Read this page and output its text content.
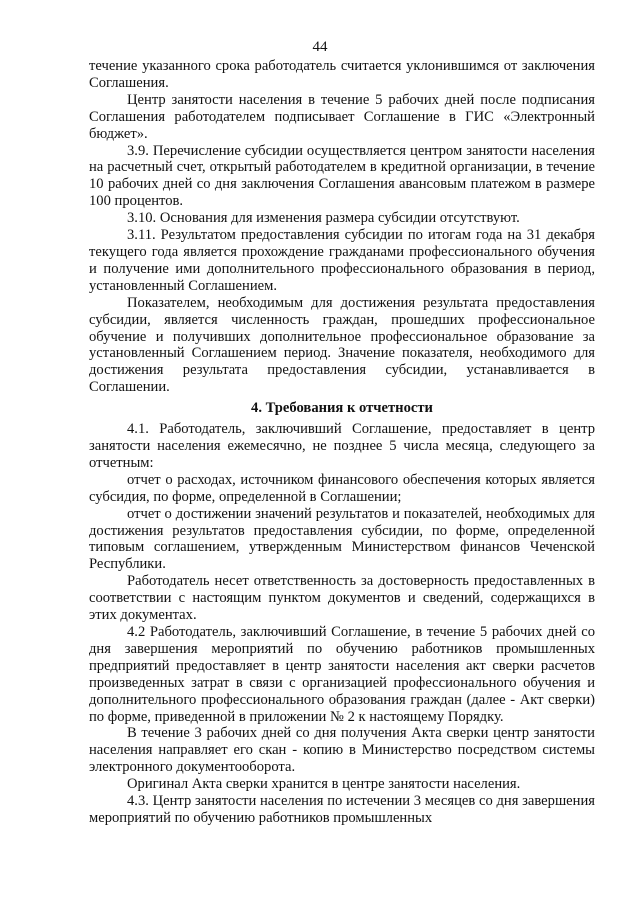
44

течение указанного срока работодатель считается уклонившимся от заключения Соглашения.

Центр занятости населения в течение 5 рабочих дней после подписания Соглашения работодателем подписывает Соглашение в ГИС «Электронный бюджет».

3.9. Перечисление субсидии осуществляется центром занятости населения на расчетный счет, открытый работодателем в кредитной организации, в течение 10 рабочих дней со дня заключения Соглашения авансовым платежом в размере 100 процентов.

3.10. Основания для изменения размера субсидии отсутствуют.

3.11. Результатом предоставления субсидии по итогам года на 31 декабря текущего года является прохождение гражданами профессионального обучения и получение ими дополнительного профессионального образования в период, установленный Соглашением.

Показателем, необходимым для достижения результата предоставления субсидии, является численность граждан, прошедших профессиональное обучение и получивших дополнительное профессиональное образование за установленный Соглашением период. Значение показателя, необходимого для достижения результата предоставления субсидии, устанавливается в Соглашении.

4. Требования к отчетности

4.1. Работодатель, заключивший Соглашение, предоставляет в центр занятости населения ежемесячно, не позднее 5 числа месяца, следующего за отчетным:

отчет о расходах, источником финансового обеспечения которых является субсидия, по форме, определенной в Соглашении;

отчет о достижении значений результатов и показателей, необходимых для достижения результатов предоставления субсидии, по форме, определенной типовым соглашением, утвержденным Министерством финансов Чеченской Республики.

Работодатель несет ответственность за достоверность предоставленных в соответствии с настоящим пунктом документов и сведений, содержащихся в этих документах.

4.2 Работодатель, заключивший Соглашение, в течение 5 рабочих дней со дня завершения мероприятий по обучению работников промышленных предприятий предоставляет в центр занятости населения акт сверки расчетов произведенных затрат в связи с организацией профессионального обучения и дополнительного профессионального образования граждан (далее - Акт сверки) по форме, приведенной в приложении № 2 к настоящему Порядку.

В течение 3 рабочих дней со дня получения Акта сверки центр занятости населения направляет его скан - копию в Министерство посредством системы электронного документооборота.

Оригинал Акта сверки хранится в центре занятости населения.

4.3. Центр занятости населения по истечении 3 месяцев со дня завершения мероприятий по обучению работников промышленных
